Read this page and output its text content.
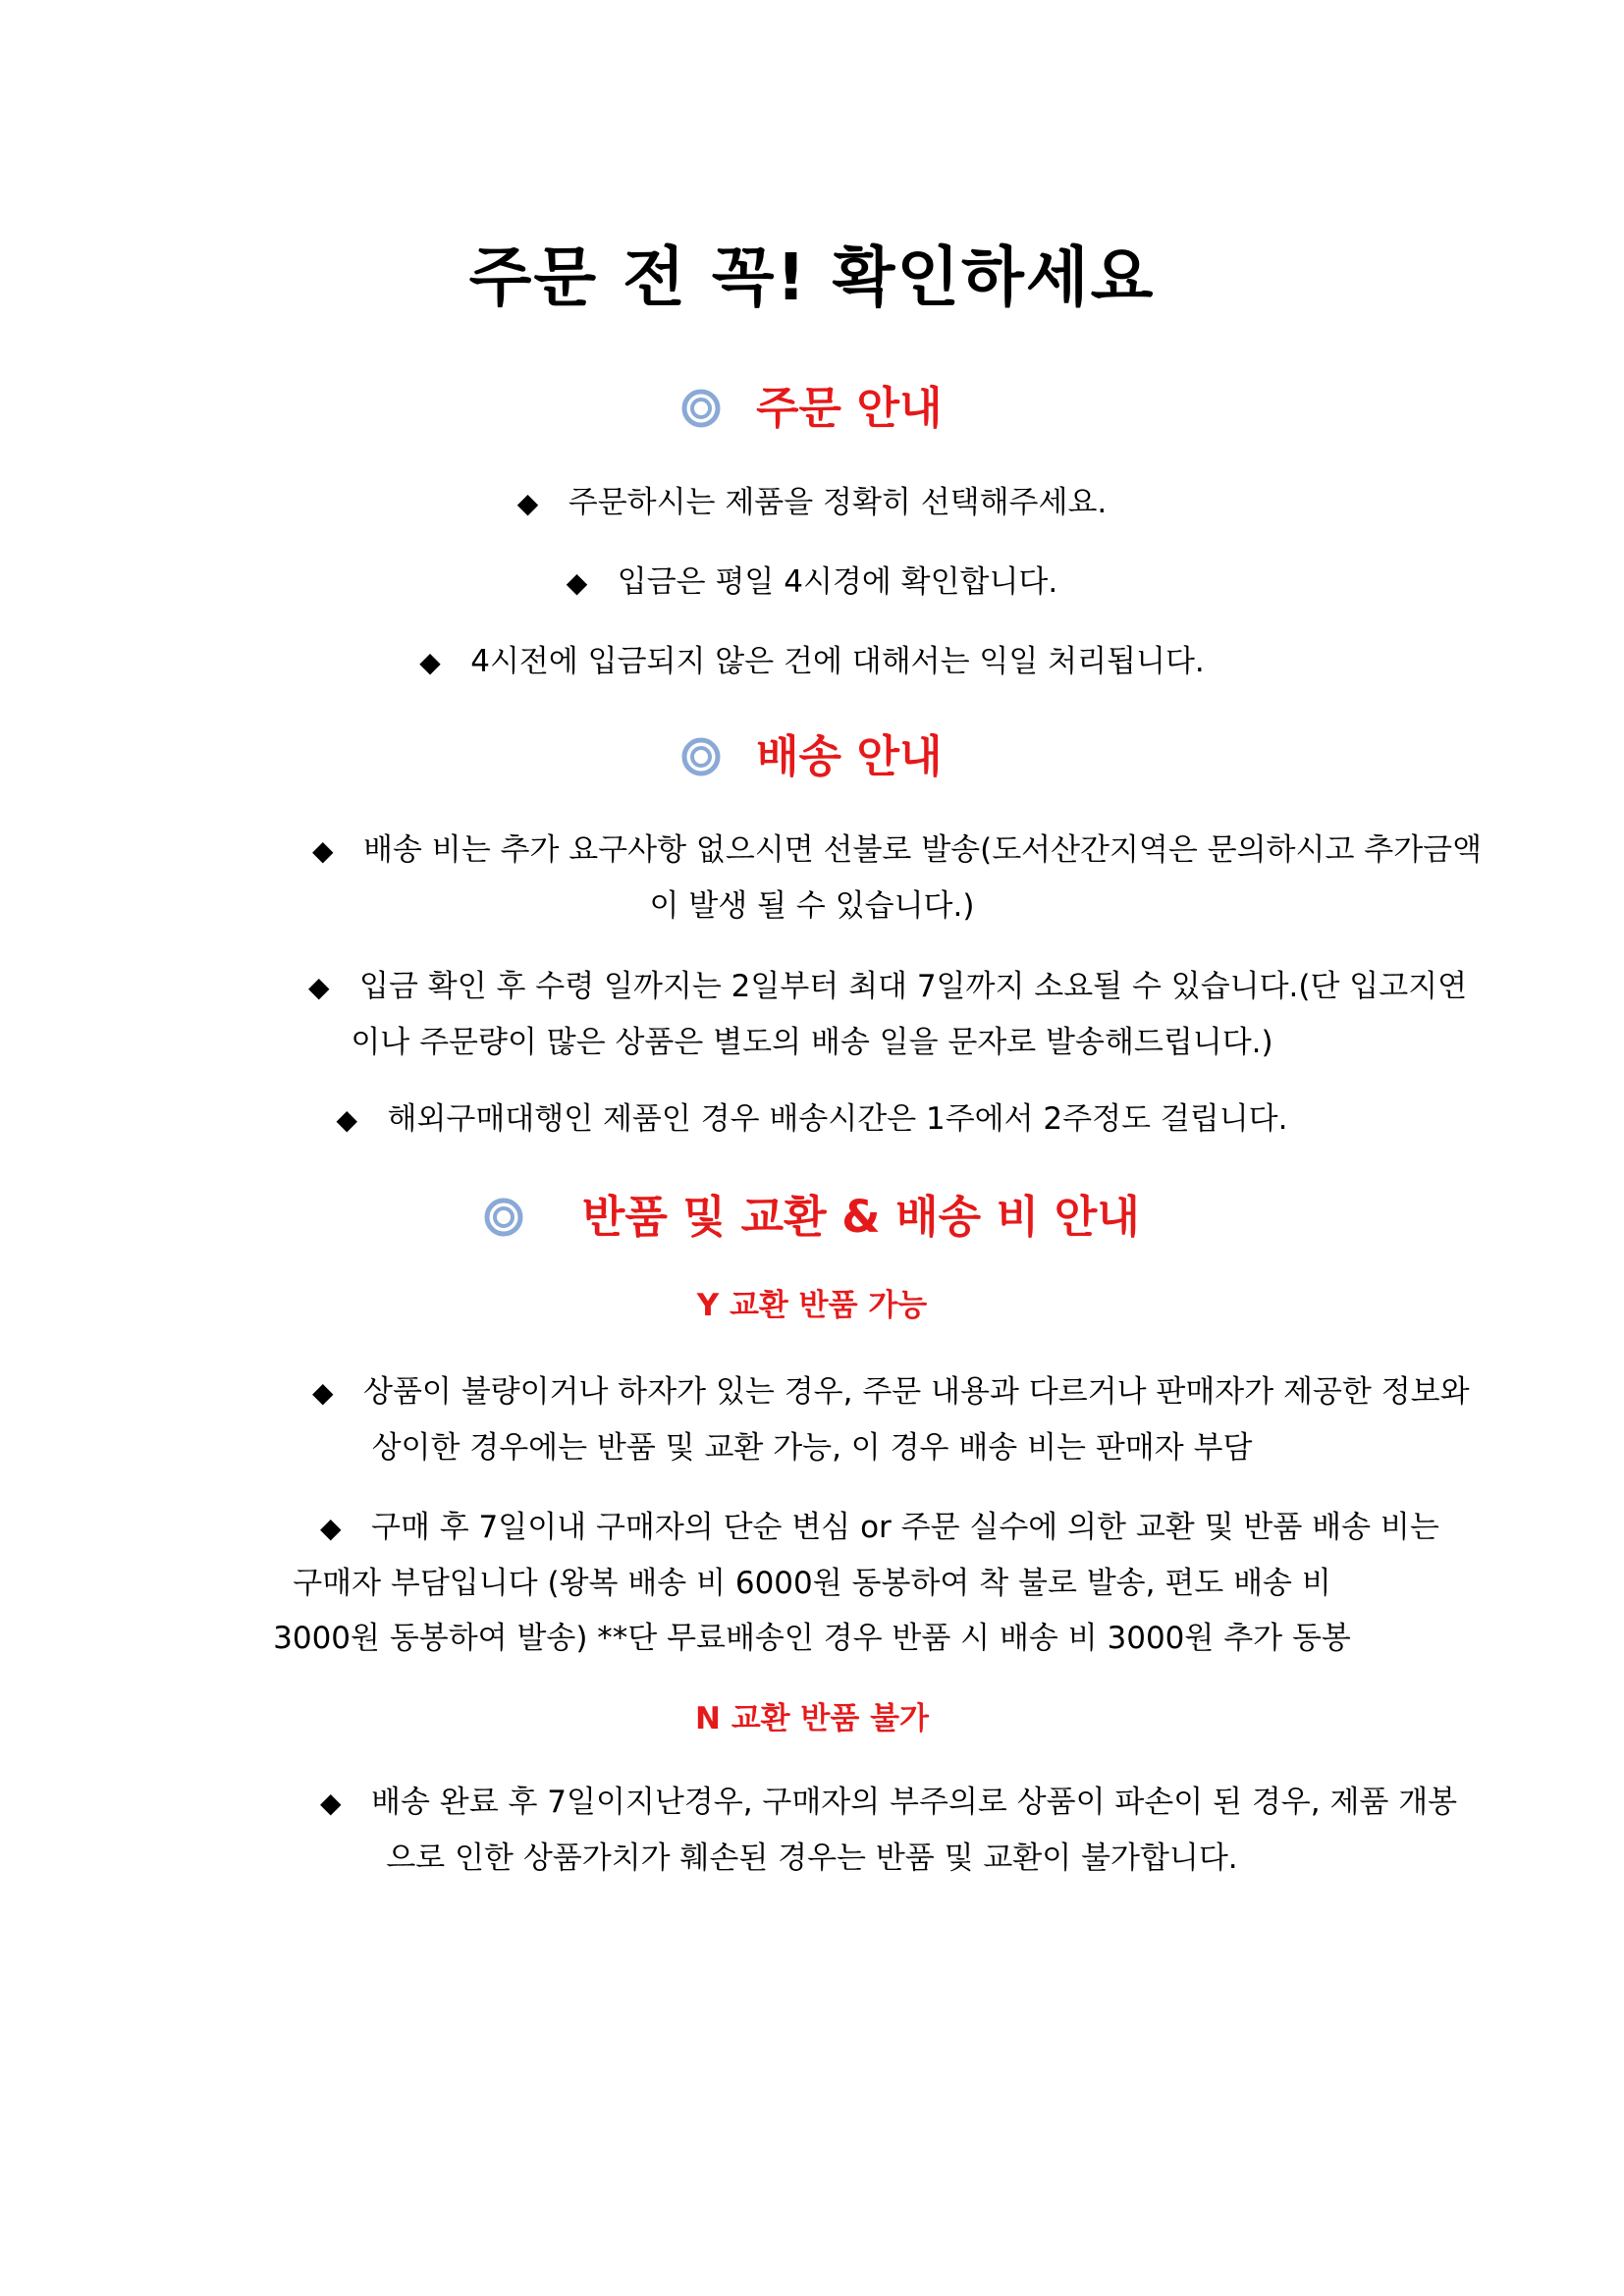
주문 전 꼭! 확인하세요
주문 안내
◆ 주문하시는 제품을 정확히 선택해주세요.
◆ 입금은 평일 4시경에 확인합니다.
◆ 4시전에 입금되지 않은 건에 대해서는 익일 처리됩니다.
배송 안내
◆ 배송 비는 추가 요구사항 없으시면 선불로 발송(도서산간지역은 문의하시고 추가금액
이 발생 될 수 있습니다.)
◆ 입금 확인 후 수령 일까지는 2일부터 최대 7일까지 소요될 수 있습니다.(단 입고지연
이나 주문량이 많은 상품은 별도의 배송 일을 문자로 발송해드립니다.)
◆ 해외구매대행인 제품인 경우 배송시간은 1주에서 2주정도 걸립니다.
반품 및 교환 & 배송 비 안내
Y 교환 반품 가능
◆ 상품이 불량이거나 하자가 있는 경우, 주문 내용과 다르거나 판매자가 제공한 정보와
상이한 경우에는 반품 및 교환 가능, 이 경우 배송 비는 판매자 부담
◆ 구매 후 7일이내 구매자의 단순 변심 or 주문 실수에 의한 교환 및 반품 배송 비는
구매자 부담입니다 (왕복 배송 비 6000원 동봉하여 착 불로 발송, 편도 배송 비
3000원 동봉하여 발송) **단 무료배송인 경우 반품 시 배송 비 3000원 추가 동봉
N 교환 반품 불가
◆ 배송 완료 후 7일이지난경우, 구매자의 부주의로 상품이 파손이 된 경우, 제품 개봉
으로 인한 상품가치가 훼손된 경우는 반품 및 교환이 불가합니다.
